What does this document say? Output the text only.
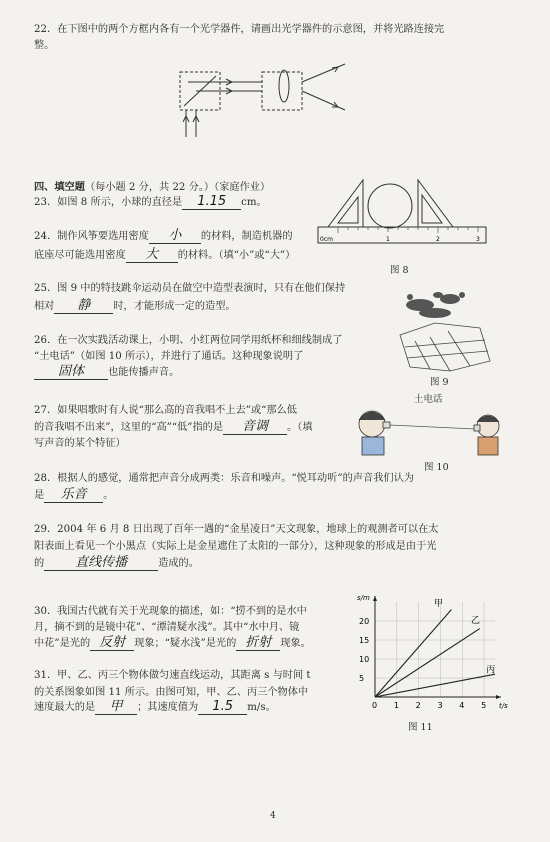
22．在下图中的两个方框内各有一个光学器件，请画出光学器件的示意图，并将光路连接完
整。
四、填空题（每小题 2 分，共 22 分。）（家庭作业）
23．如图 8 所示，小球的直径是 1.15 cm。
0cm	1	2	3
图 8
24．制作风筝要选用密度 小 的材料，制造机器的
底座尽可能选用密度 大 的材料。（填“小”或“大”）
25．图 9 中的特技跳伞运动员在做空中造型表演时，只有在他们保持
相对 静 时，才能形成一定的造型。
图 9
26．在一次实践活动课上，小明、小红两位同学用纸杯和细线制成了
“土电话”（如图 10 所示），并进行了通话。这种现象说明了
固体 也能传播声音。
土电话
图 10
27．如果唱歌时有人说“那么高的音我唱不上去”或“那么低
的音我唱不出来”，这里的“高”“低”指的是 音调 。（填
写声音的某个特征）
28．根据人的感觉，通常把声音分成两类：乐音和噪声。“悦耳动听”的声音我们认为
是 乐音 。
29．2004 年 6 月 8 日出现了百年一遇的“金星凌日”天文现象，地球上的观测者可以在太
阳表面上看见一个小黑点（实际上是金星遮住了太阳的一部分），这种现象的形成是由于光
的 直线传播	造成的。
30．我国古代就有关于光现象的描述，如：“捞不到的是水中
月，摘不到的是镜中花”、“潭清疑水浅”。其中“水中月、镜
中花”是光的 反射 现象；“疑水浅”是光的 折射 现象。
31．甲、乙、丙三个物体做匀速直线运动，其距离 s 与时间 t
的关系图象如图 11 所示。由图可知，甲、乙、丙三个物体中
速度最大的是 甲 ；其速度值为 1.5 m/s。	0 1 2 3 4 5
5
10
15
20
s/m
t/s
甲
乙
丙
图 11
4
